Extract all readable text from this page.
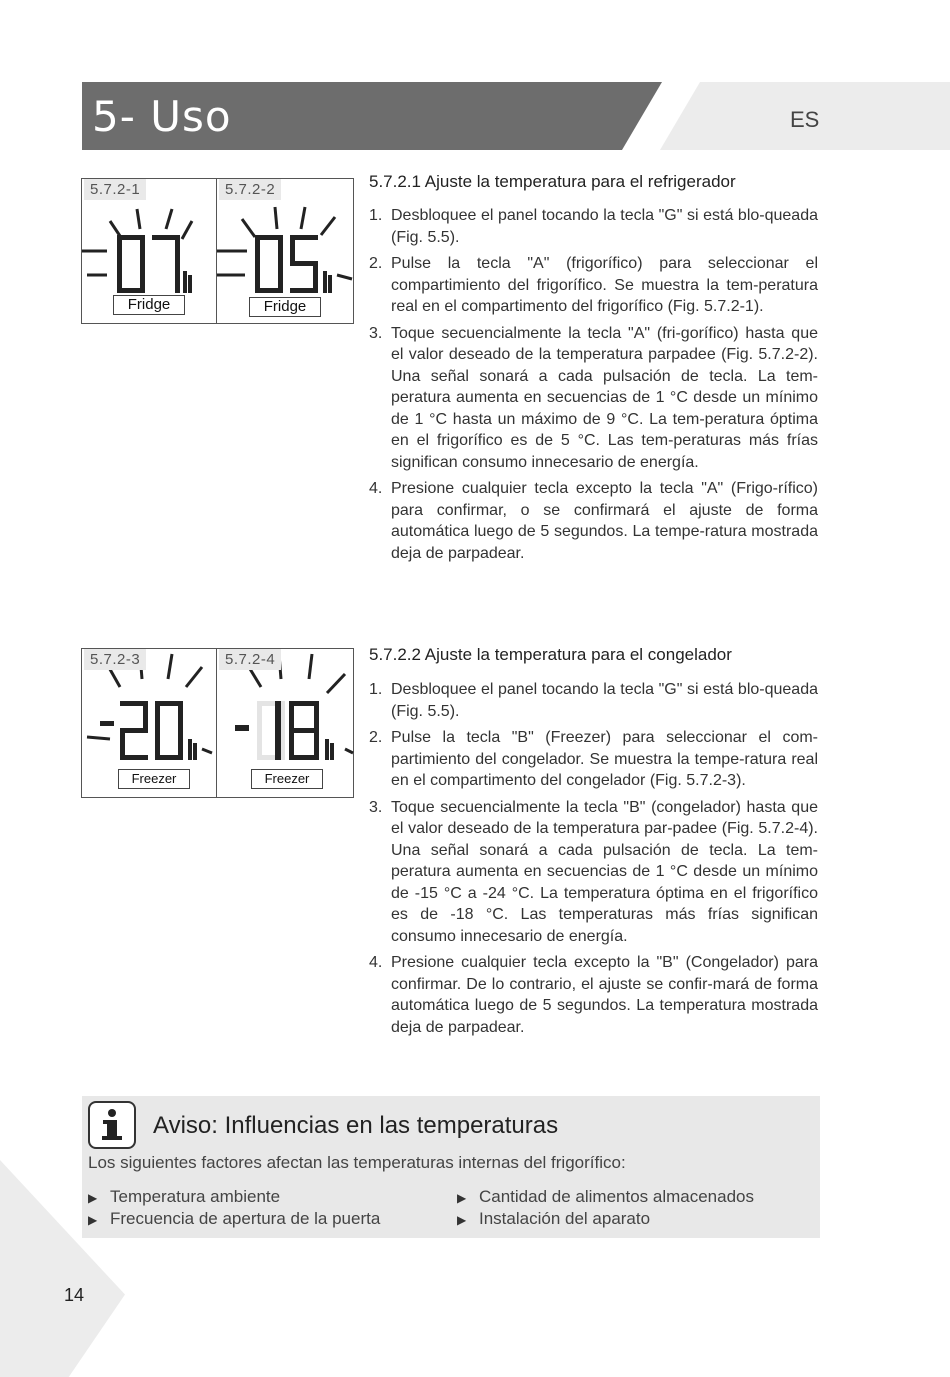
5- Uso	ES
5.7.2-1
Fridge
5.7.2-2
Fridge
5.7.2-3
Freezer
5.7.2-4
Freezer
5.7.2.1 Ajuste la temperatura para el refrigerador
1. Desbloquee el panel tocando la tecla "G" si está blo-queada (Fig. 5.5).
2. Pulse la tecla "A" (frigorífico) para seleccionar el compartimiento del frigorífico. Se muestra la tem-peratura real en el compartimento del frigorífico (Fig. 5.7.2-1).
3. Toque secuencialmente la tecla "A" (fri-gorífico) hasta que el valor deseado de la temperatura parpadee (Fig. 5.7.2-2). Una señal sonará a cada pulsación de tecla. La tem-peratura aumenta en secuencias de 1 °C desde un mínimo de 1 °C hasta un máximo de 9 °C. La tem-peratura óptima en el frigorífico es de 5 °C. Las tem-peraturas más frías significan consumo innecesario de energía.
4. Presione cualquier tecla excepto la tecla "A" (Frigo-rífico) para confirmar, o se confirmará el ajuste de forma automática luego de 5 segundos. La tempe-ratura mostrada deja de parpadear.
5.7.2.2 Ajuste la temperatura para el congelador
1. Desbloquee el panel tocando la tecla "G" si está blo-queada (Fig. 5.5).
2. Pulse la tecla "B" (Freezer) para seleccionar el com-partimiento del congelador. Se muestra la tempe-ratura real en el compartimento del congelador (Fig. 5.7.2-3).
3. Toque secuencialmente la tecla "B" (congelador) hasta que el valor deseado de la temperatura par-padee (Fig. 5.7.2-4). Una señal sonará a cada pulsación de tecla. La tem-peratura aumenta en secuencias de 1 °C desde un mínimo de -15 °C a -24 °C. La temperatura óptima en el frigorífico es de -18 °C. Las temperaturas más frías significan consumo innecesario de energía.
4. Presione cualquier tecla excepto la "B" (Congelador) para confirmar. De lo contrario, el ajuste se confir-mará de forma automática luego de 5 segundos. La temperatura mostrada deja de parpadear.
Aviso: Influencias en las temperaturas
Los siguientes factores afectan las temperaturas internas del frigorífico:
▶ Temperatura ambiente	▶ Cantidad de alimentos almacenados
▶ Frecuencia de apertura de la puerta	▶ Instalación del aparato
14
